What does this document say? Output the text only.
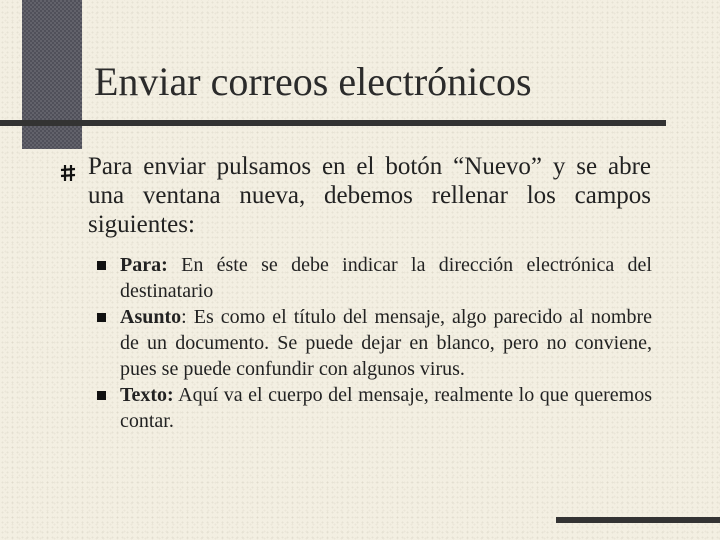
Enviar correos electrónicos

Para enviar pulsamos en el botón “Nuevo” y se abre una ventana nueva, debemos rellenar los campos siguientes:

Para: En éste se debe indicar la dirección electrónica del destinatario
Asunto: Es como el título del mensaje, algo parecido al nombre de un documento. Se puede dejar en blanco, pero no conviene, pues se puede confundir con algunos virus.
Texto: Aquí va el cuerpo del mensaje, realmente lo que queremos contar.
